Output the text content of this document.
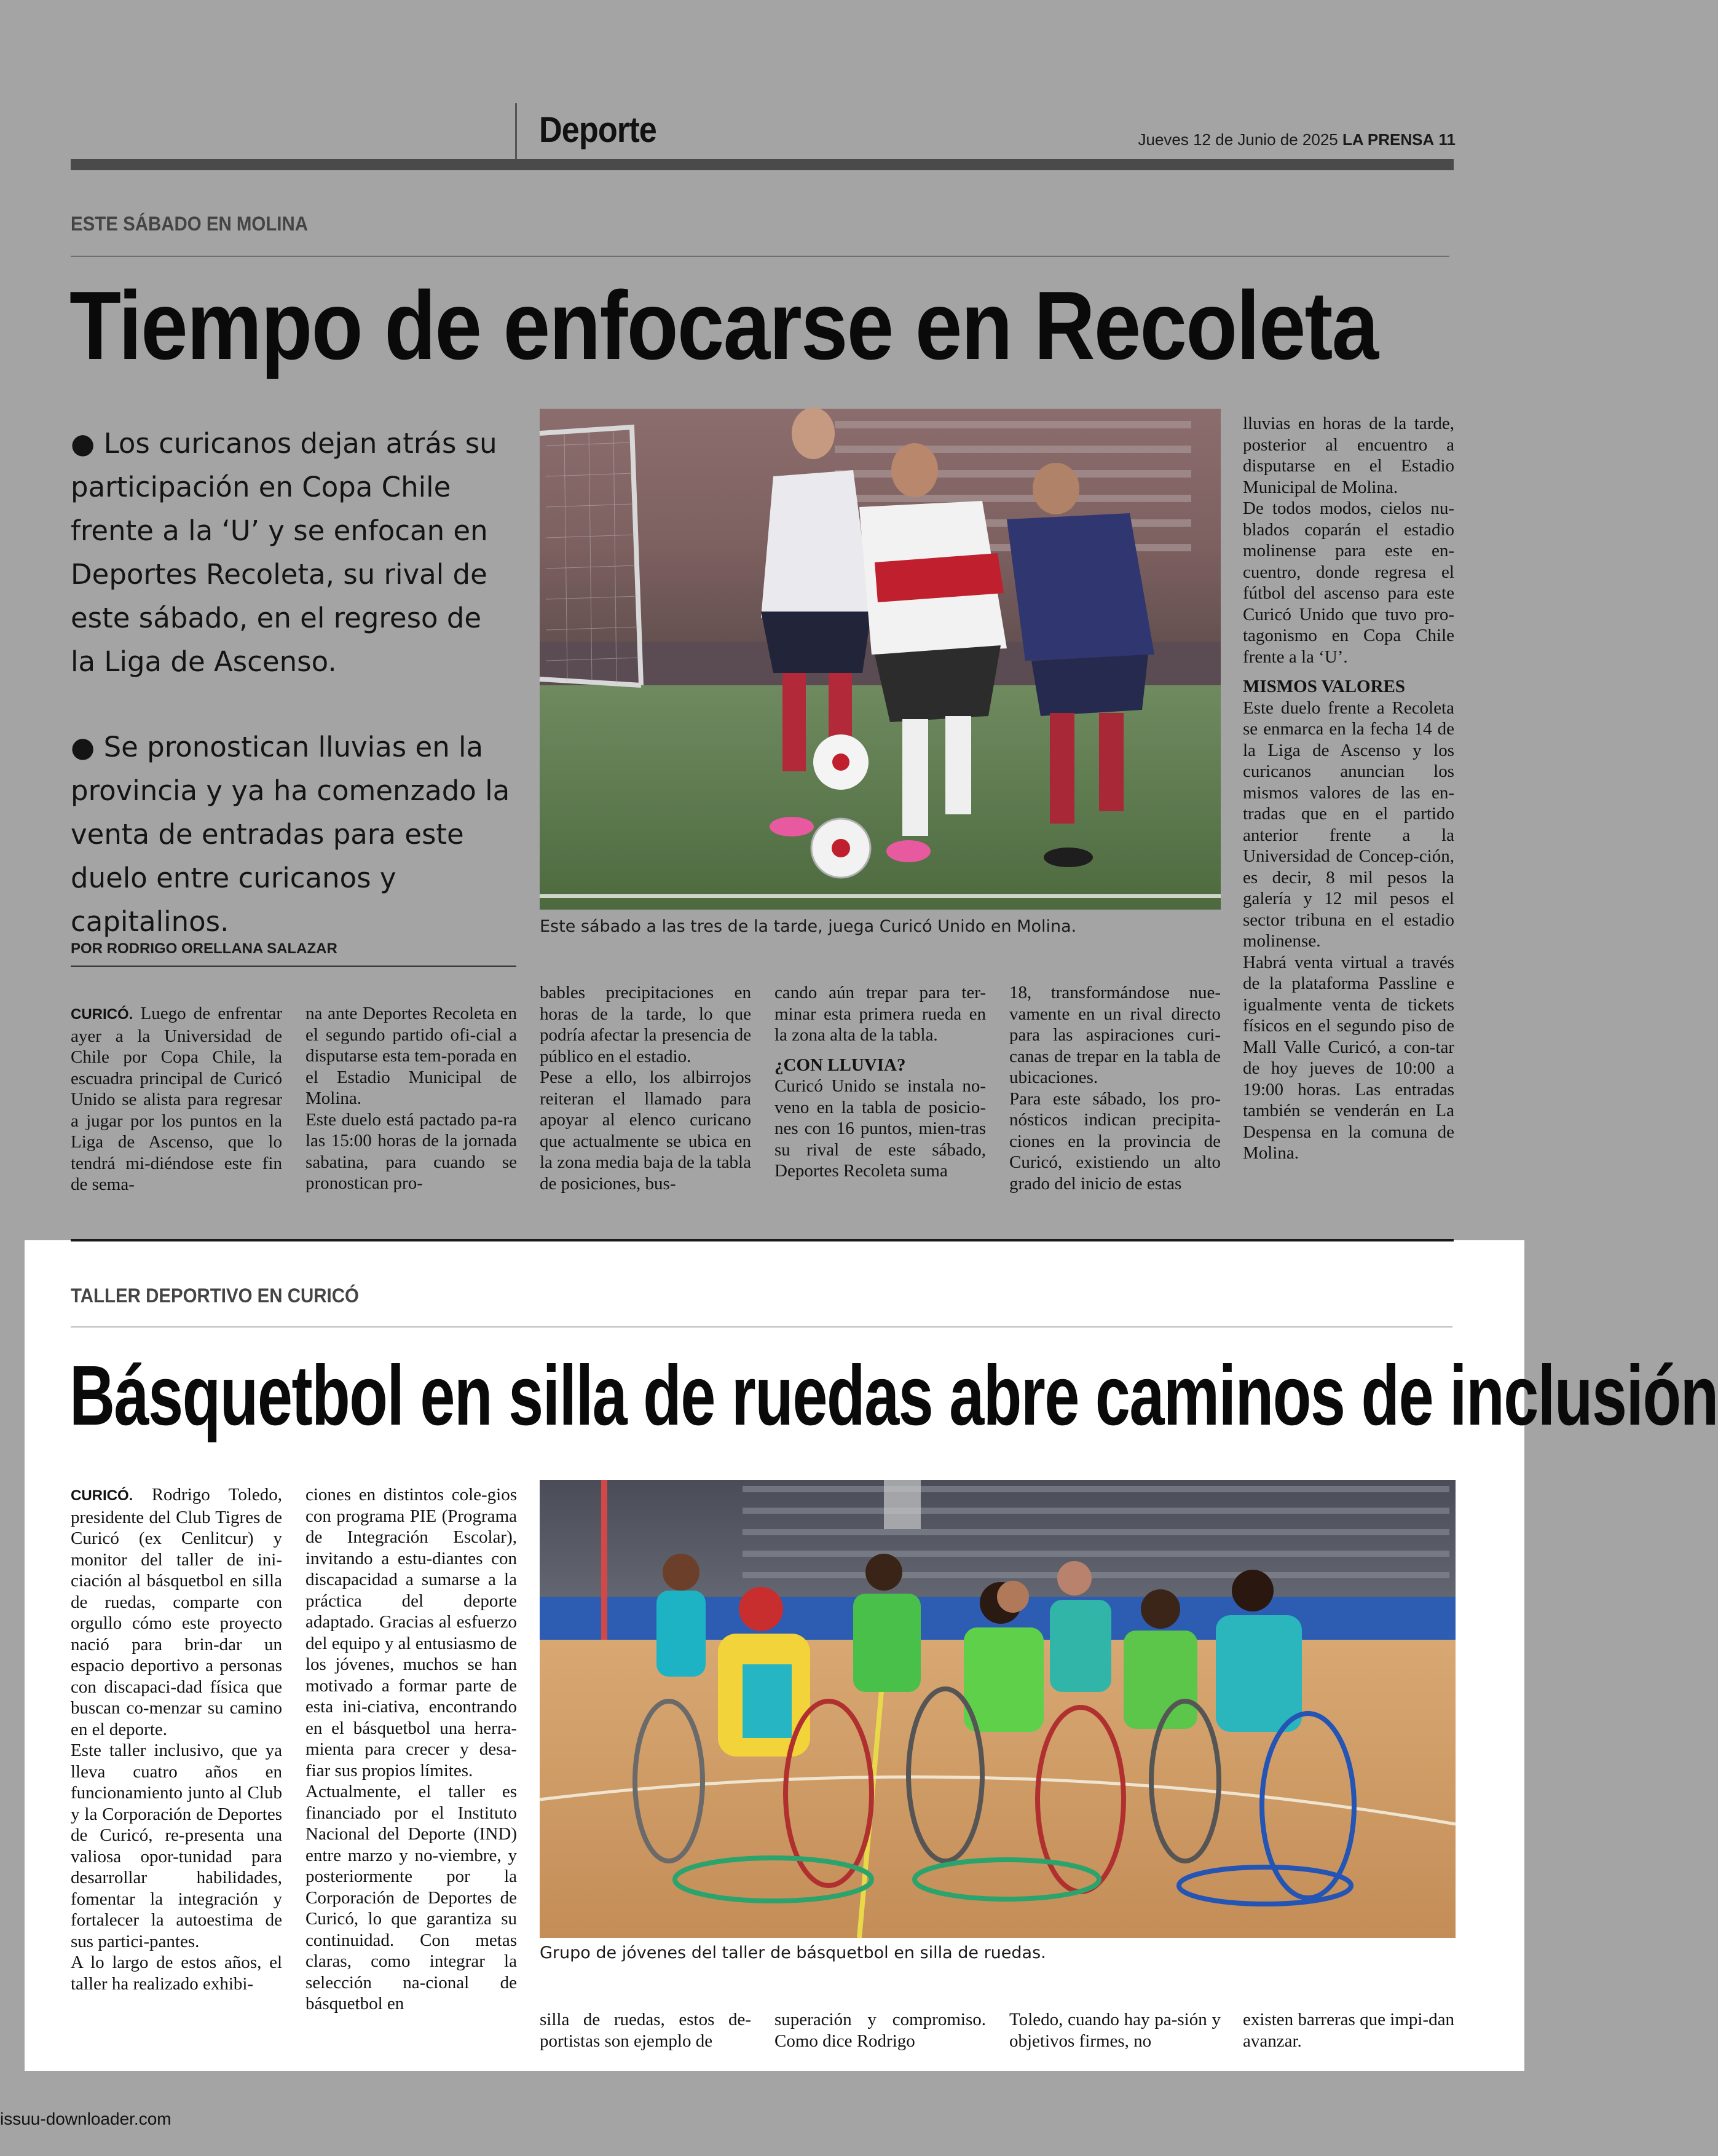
Deporte	Jueves 12 de Junio de 2025 LA PRENSA 11
ESTE SÁBADO EN MOLINA
Tiempo de enfocarse en Recoleta
● Los curicanos dejan atrás su participación en Copa Chile frente a la ‘U’ y se enfocan en Deportes Recoleta, su rival de este sábado, en el regreso de la Liga de Ascenso.
● Se pronostican lluvias en la provincia y ya ha comenzado la venta de entradas para este duelo entre curicanos y capitalinos.
POR RODRIGO ORELLANA SALAZAR
Este sábado a las tres de la tarde, juega Curicó Unido en Molina.

CURICÓ. Luego de enfrentar ayer a la Universidad de Chile por Copa Chile, la escuadra principal de Curicó Unido se alista para regresar a jugar por los puntos en la Liga de Ascenso, que lo tendrá mi-diéndose este fin de sema-

na ante Deportes Recoleta en el segundo partido ofi-cial a disputarse esta tem-porada en el Estadio Municipal de Molina.

Este duelo está pactado pa-ra las 15:00 horas de la jornada sabatina, para cuando se pronostican pro-

bables precipitaciones en horas de la tarde, lo que podría afectar la presencia de público en el estadio.

Pese a ello, los albirrojos reiteran el llamado para apoyar al elenco curicano que actualmente se ubica en la zona media baja de la tabla de posiciones, bus-

cando aún trepar para ter-minar esta primera rueda en la zona alta de la tabla.

¿CON LLUVIA?

Curicó Unido se instala no-veno en la tabla de posicio-nes con 16 puntos, mien-tras su rival de este sábado, Deportes Recoleta suma

18, transformándose nue-vamente en un rival directo para las aspiraciones curi-canas de trepar en la tabla de ubicaciones.

Para este sábado, los pro-nósticos indican precipita-ciones en la provincia de Curicó, existiendo un alto grado del inicio de estas

lluvias en horas de la tarde, posterior al encuentro a disputarse en el Estadio Municipal de Molina.

De todos modos, cielos nu-blados coparán el estadio molinense para este en-cuentro, donde regresa el fútbol del ascenso para este Curicó Unido que tuvo pro-tagonismo en Copa Chile frente a la ‘U’.

MISMOS VALORES

Este duelo frente a Recoleta se enmarca en la fecha 14 de la Liga de Ascenso y los curicanos anuncian los mismos valores de las en-tradas que en el partido anterior frente a la Universidad de Concep-ción, es decir, 8 mil pesos la galería y 12 mil pesos el sector tribuna en el estadio molinense.

Habrá venta virtual a través de la plataforma Passline e igualmente venta de tickets físicos en el segundo piso de Mall Valle Curicó, a con-tar de hoy jueves de 10:00 a 19:00 horas. Las entradas también se venderán en La Despensa en la comuna de Molina.

TALLER DEPORTIVO EN CURICÓ
Básquetbol en silla de ruedas abre caminos de inclusión
Grupo de jóvenes del taller de básquetbol en silla de ruedas.

CURICÓ. Rodrigo Toledo, presidente del Club Tigres de Curicó (ex Cenlitcur) y monitor del taller de ini-ciación al básquetbol en silla de ruedas, comparte con orgullo cómo este proyecto nació para brin-dar un espacio deportivo a personas con discapaci-dad física que buscan co-menzar su camino en el deporte.

Este taller inclusivo, que ya lleva cuatro años en funcionamiento junto al Club y la Corporación de Deportes de Curicó, re-presenta una valiosa opor-tunidad para desarrollar habilidades, fomentar la integración y fortalecer la autoestima de sus partici-pantes.

A lo largo de estos años, el taller ha realizado exhibi-

ciones en distintos cole-gios con programa PIE (Programa de Integración Escolar), invitando a estu-diantes con discapacidad a sumarse a la práctica del deporte adaptado. Gracias al esfuerzo del equipo y al entusiasmo de los jóvenes, muchos se han motivado a formar parte de esta ini-ciativa, encontrando en el básquetbol una herra-mienta para crecer y desa-fiar sus propios límites.

Actualmente, el taller es financiado por el Instituto Nacional del Deporte (IND) entre marzo y no-viembre, y posteriormente por la Corporación de Deportes de Curicó, lo que garantiza su continuidad. Con metas claras, como integrar la selección na-cional de básquetbol en

silla de ruedas, estos de-portistas son ejemplo de

superación y compromiso. Como dice Rodrigo

Toledo, cuando hay pa-sión y objetivos firmes, no

existen barreras que impi-dan avanzar.

issuu-downloader.com
